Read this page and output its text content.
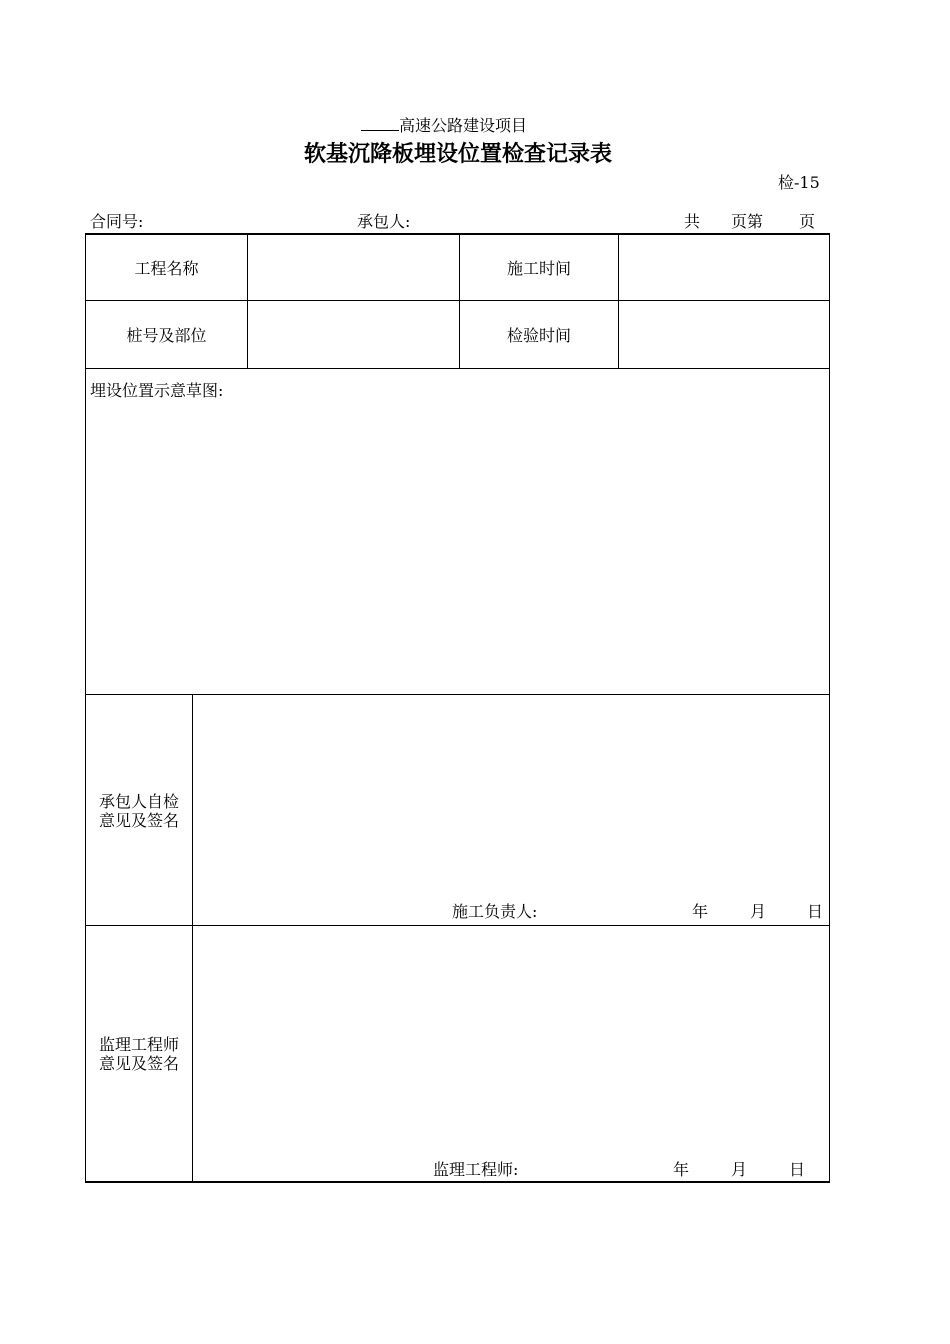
高速公路建设项目
软基沉降板埋设位置检查记录表
检-15
合同号:	承包人:	共 页第 页
工程名称	施工时间
桩号及部位	检验时间
埋设位置示意草图:
承包人自检
意见及签名
施工负责人:	年	月	日
监理工程师
意见及签名
监理工程师:	年	月	日
